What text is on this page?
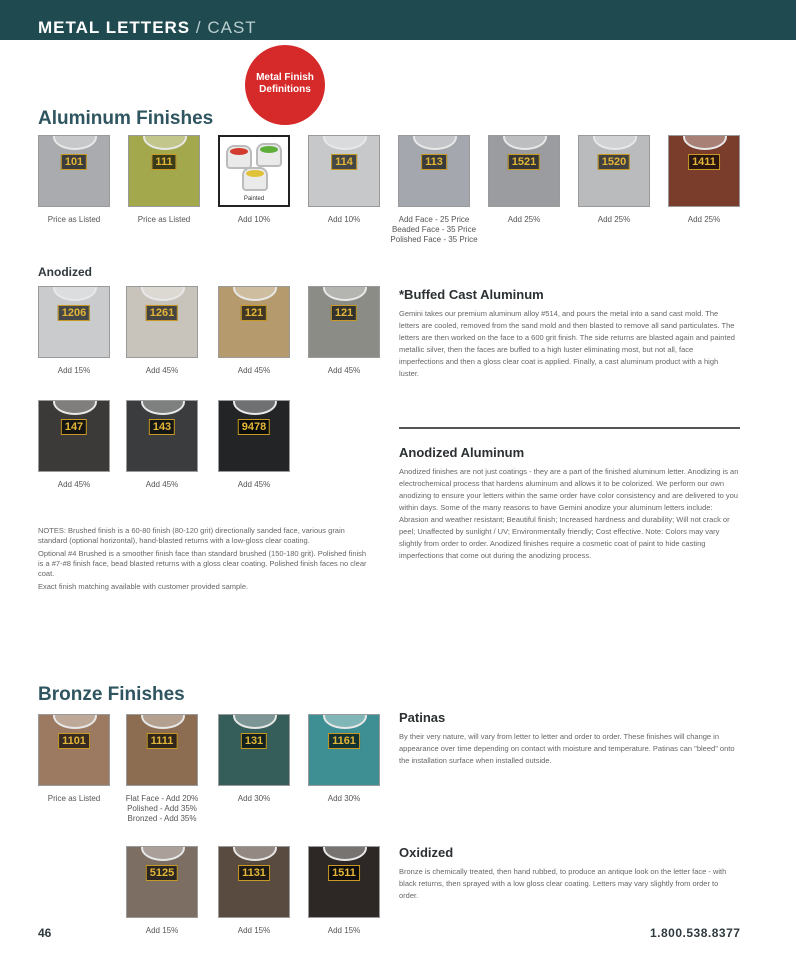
METAL LETTERS / CAST
Metal Finish
Definitions
Aluminum Finishes
101
Price as Listed
111
Price as Listed
Painted
Add 10%
114
Add 10%
113
Add Face - 25 Price
Beaded Face - 35 Price
Polished Face - 35 Price
1521
Add 25%
1520
Add 25%
1411
Add 25%
Anodized
1206
Add 15%
1261
Add 45%
121
Add 45%
121
Add 45%
147
Add 45%
143
Add 45%
9478
Add 45%

NOTES: Brushed finish is a 60-80 finish (80-120 grit) directionally sanded face, various grain standard (optional horizontal), hand-blasted returns with a low-gloss clear coating.

Optional #4 Brushed is a smoother finish face than standard brushed (150-180 grit). Polished finish is a #7-#8 finish face, bead blasted returns with a gloss clear coating. Polished finish faces no clear coat.

Exact finish matching available with customer provided sample.

*Buffed Cast Aluminum
Gemini takes our premium aluminum alloy #514, and pours the metal into a sand cast mold. The letters are cooled, removed from the sand mold and then blasted to remove all sand particulates. The letters are then worked on the face to a 600 grit finish. The side returns are blasted again and painted metallic silver, then the faces are buffed to a high luster eliminating most, but not all, face imperfections and then a gloss clear coat is applied. Finally, a cast aluminum product with a high luster.
Anodized Aluminum
Anodized finishes are not just coatings - they are a part of the finished aluminum letter. Anodizing is an electrochemical process that hardens aluminum and allows it to be colorized. We perform our own anodizing to ensure your letters within the same order have color consistency and are delivered to you within days. Some of the many reasons to have Gemini anodize your aluminum letters include: Abrasion and weather resistant; Beautiful finish; Increased hardness and durability; Will not crack or peel; Unaffected by sunlight / UV; Environmentally friendly; Cost effective. Note: Colors may vary slightly from order to order. Anodized finishes require a cosmetic coat of paint to hide casting imperfections that come out during the anodizing process.
Bronze Finishes
1101
Price as Listed
1111
Flat Face - Add 20%
Polished - Add 35%
Bronzed - Add 35%
131
Add 30%
1161
Add 30%
5125
Add 15%
1131
Add 15%
1511
Add 15%
Patinas
By their very nature, will vary from letter to letter and order to order. These finishes will change in appearance over time depending on contact with moisture and temperature. Patinas can "bleed" onto the installation surface when installed outside.
Oxidized
Bronze is chemically treated, then hand rubbed, to produce an antique look on the letter face - with black returns, then sprayed with a low gloss clear coating. Letters may vary slightly from order to order.
46	1.800.538.8377
